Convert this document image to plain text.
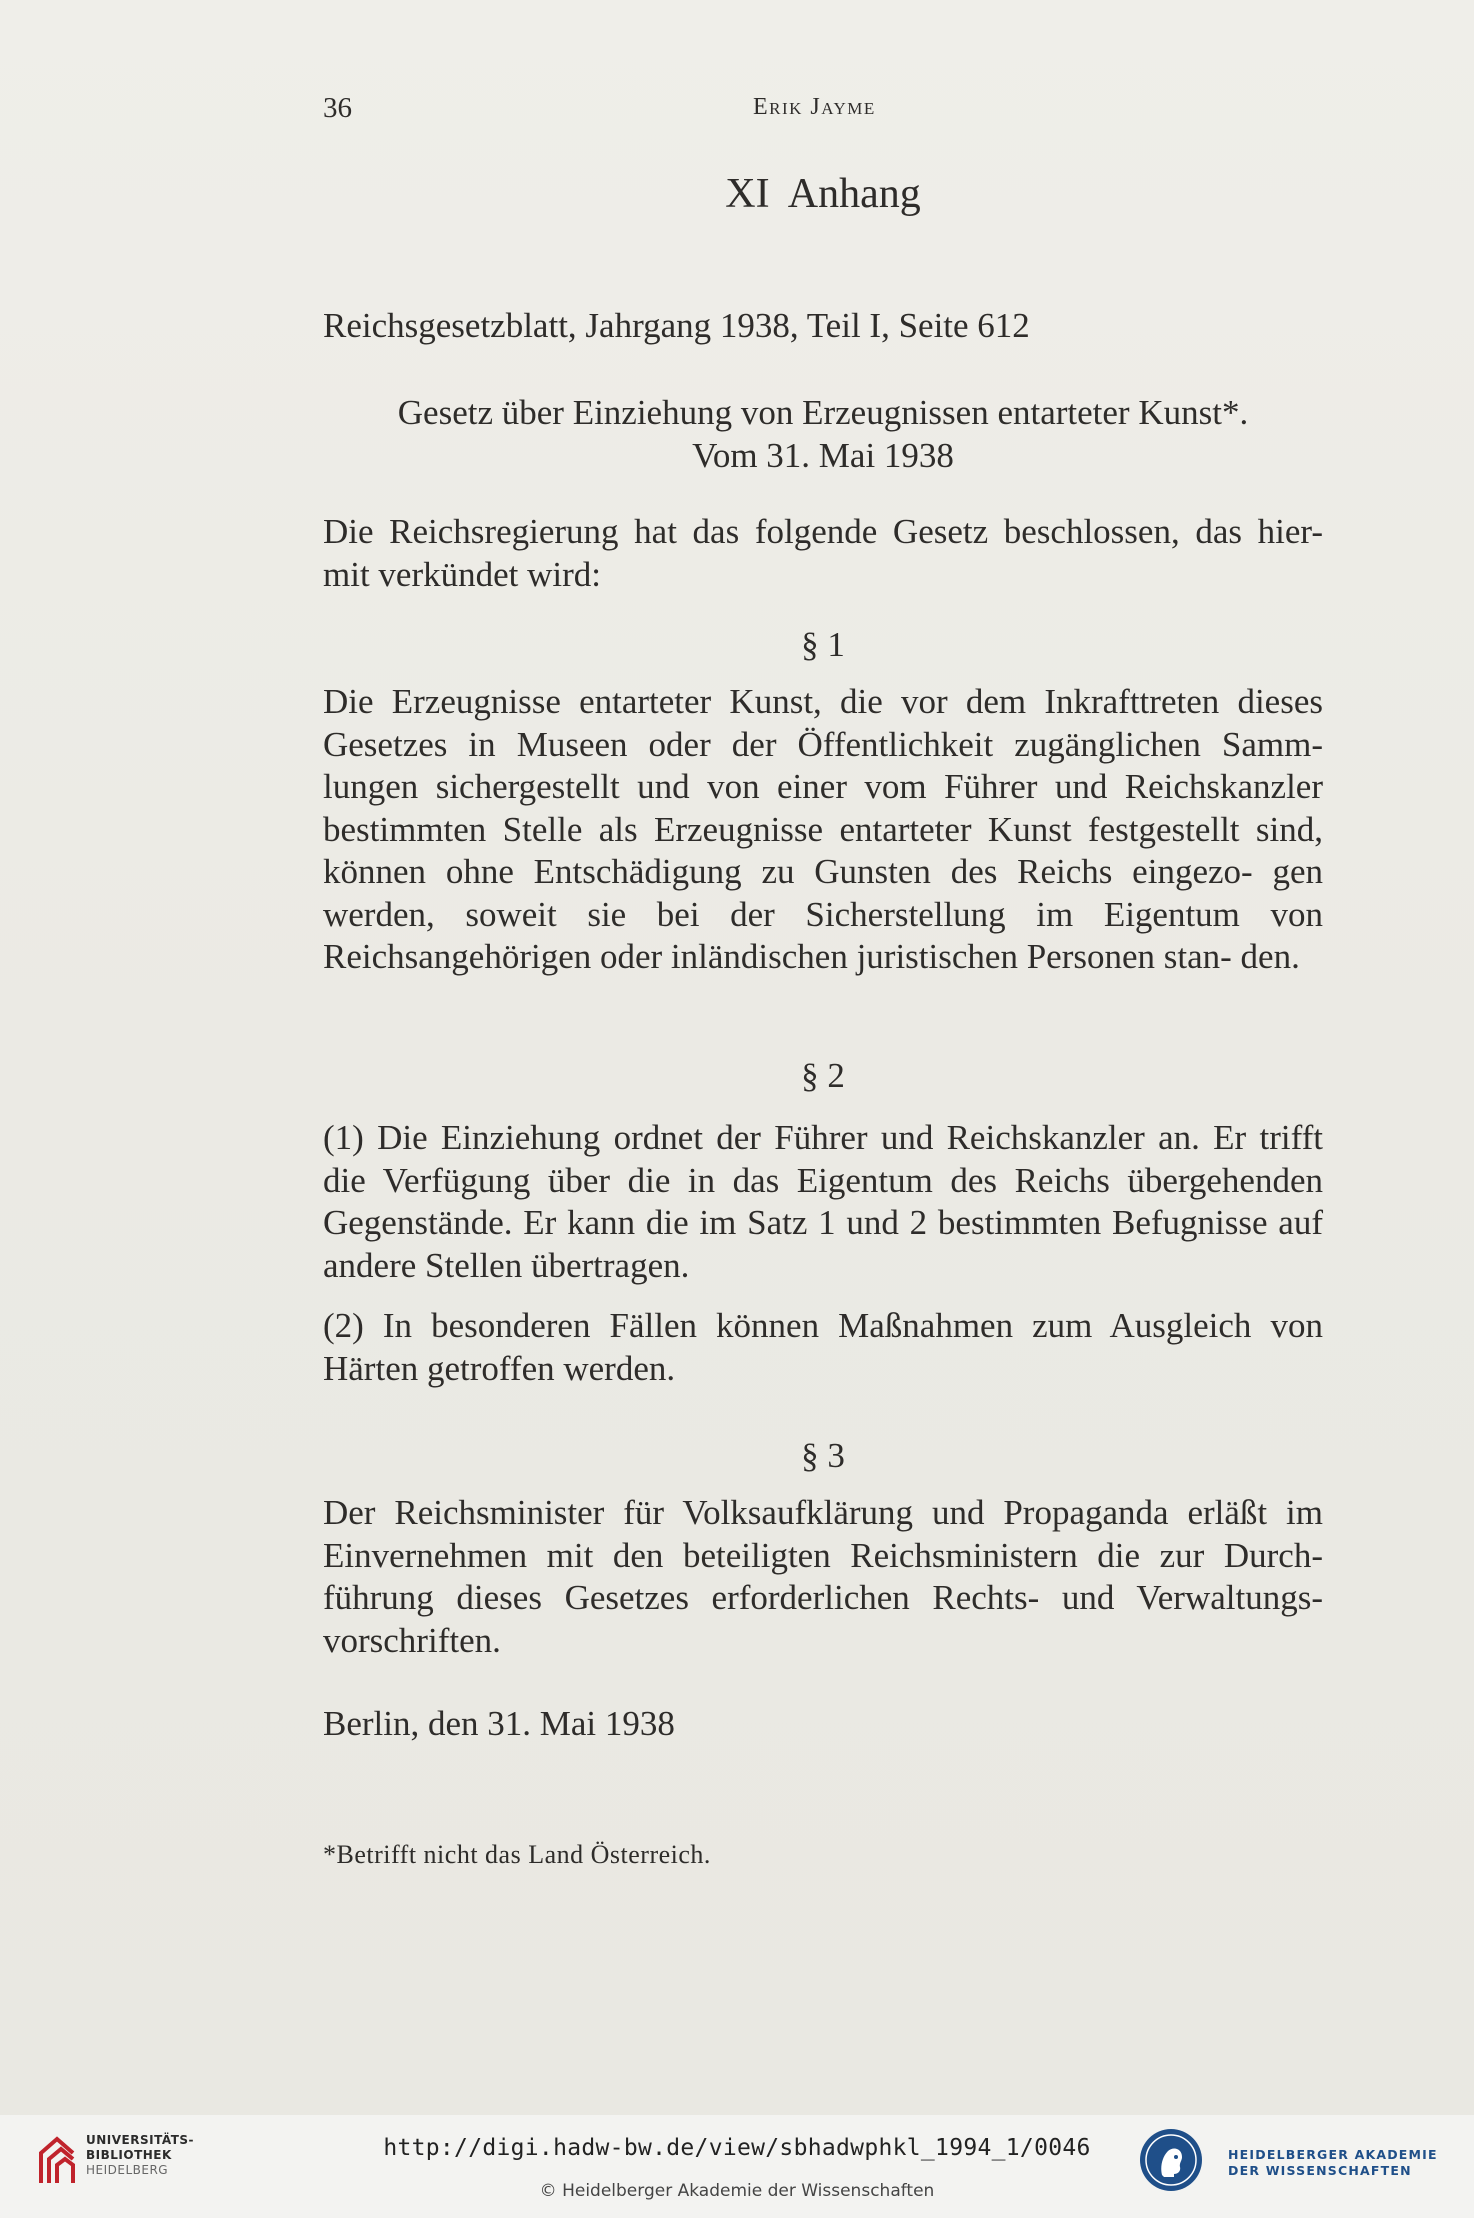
36	Erik Jayme
XI Anhang
Reichsgesetzblatt, Jahrgang 1938, Teil I, Seite 612
Gesetz über Einziehung von Erzeugnissen entarteter Kunst*.
Vom 31. Mai 1938
Die Reichsregierung hat das folgende Gesetz beschlossen, das hier- mit verkündet wird:
§ 1
Die Erzeugnisse entarteter Kunst, die vor dem Inkrafttreten dieses Gesetzes in Museen oder der Öffentlichkeit zugänglichen Samm- lungen sichergestellt und von einer vom Führer und Reichskanzler bestimmten Stelle als Erzeugnisse entarteter Kunst festgestellt sind, können ohne Entschädigung zu Gunsten des Reichs eingezo- gen werden, soweit sie bei der Sicherstellung im Eigentum von Reichsangehörigen oder inländischen juristischen Personen stan- den.
§ 2
(1) Die Einziehung ordnet der Führer und Reichskanzler an. Er trifft die Verfügung über die in das Eigentum des Reichs übergehenden Gegenstände. Er kann die im Satz 1 und 2 bestimmten Befugnisse auf andere Stellen übertragen.
(2) In besonderen Fällen können Maßnahmen zum Ausgleich von Härten getroffen werden.
§ 3
Der Reichsminister für Volksaufklärung und Propaganda erläßt im Einvernehmen mit den beteiligten Reichsministern die zur Durch- führung dieses Gesetzes erforderlichen Rechts- und Verwaltungs- vorschriften.
Berlin, den 31. Mai 1938
*Betrifft nicht das Land Österreich.
UNIVERSITÄTS-
BIBLIOTHEK
HEIDELBERG
http://digi.hadw-bw.de/view/sbhadwphkl_1994_1/0046
© Heidelberger Akademie der Wissenschaften
HEIDELBERGER AKADEMIE
DER WISSENSCHAFTEN
